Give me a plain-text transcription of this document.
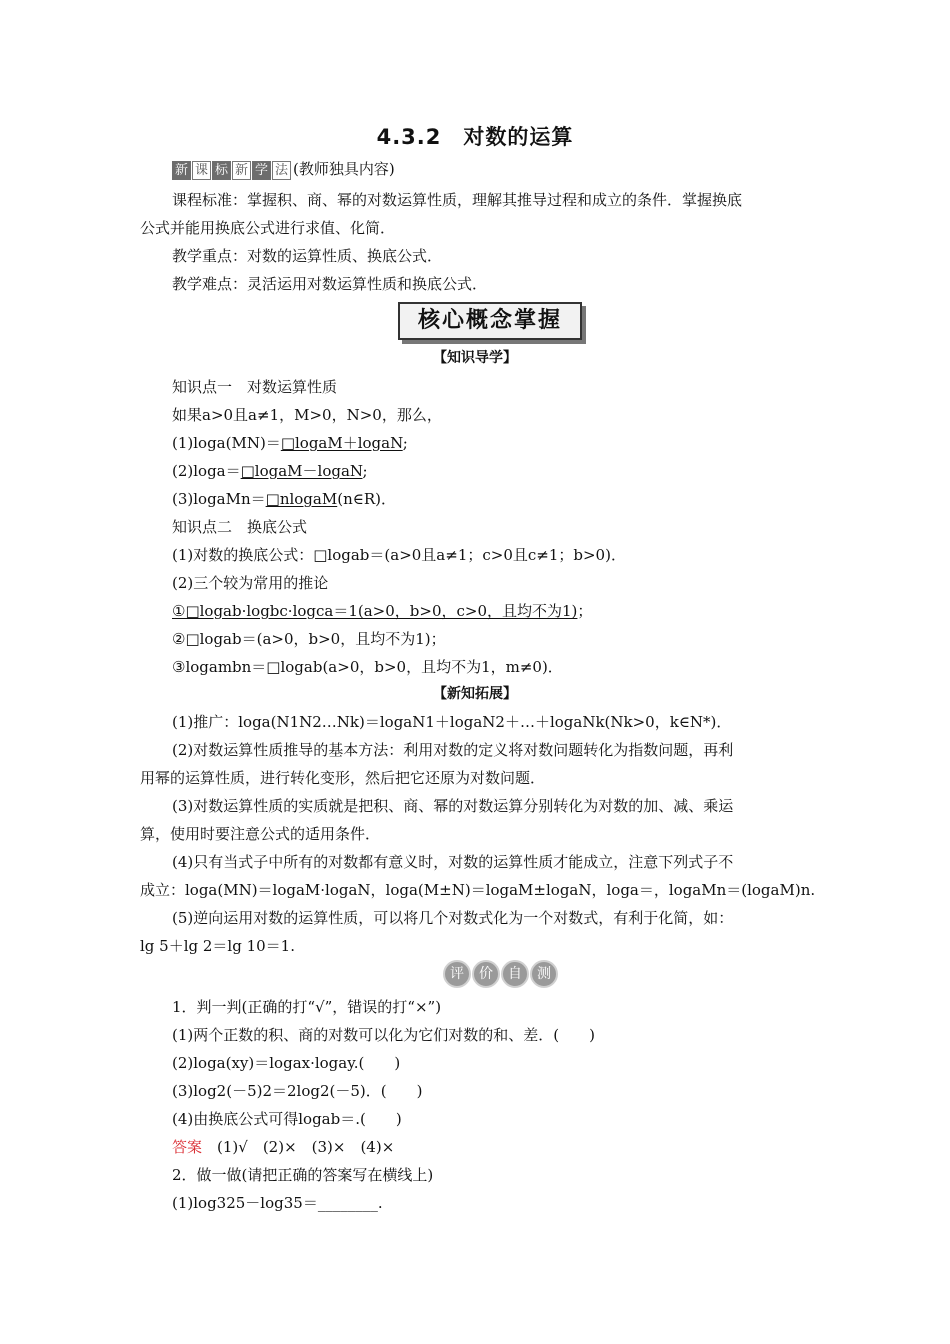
4.3.2　对数的运算
新 课 标 新 学 法 (教师独具内容)
课程标准：掌握积、商、幂的对数运算性质，理解其推导过程和成立的条件．掌握换底
公式并能用换底公式进行求值、化简．
教学重点：对数的运算性质、换底公式．
教学难点：灵活运用对数运算性质和换底公式．
核心概念掌握
【知识导学】
知识点一　对数运算性质
如果a>0且a≠1，M>0，N>0，那么，
(1)loga(MN)＝□logaM＋logaN;
(2)loga＝□logaM－logaN;
(3)logaMn＝□nlogaM(n∈R)．
知识点二　换底公式
(1)对数的换底公式：□logab＝(a>0且a≠1；c>0且c≠1；b>0)．
(2)三个较为常用的推论
①□logab·logbc·logca＝1(a>0，b>0，c>0，且均不为1)；
②□logab＝(a>0，b>0，且均不为1)；
③logambn＝□logab(a>0，b>0，且均不为1，m≠0)．
【新知拓展】
(1)推广：loga(N1N2…Nk)＝logaN1＋logaN2＋…＋logaNk(Nk>0，k∈N*)．
(2)对数运算性质推导的基本方法：利用对数的定义将对数问题转化为指数问题，再利
用幂的运算性质，进行转化变形，然后把它还原为对数问题．
(3)对数运算性质的实质就是把积、商、幂的对数运算分别转化为对数的加、减、乘运
算，使用时要注意公式的适用条件．
(4)只有当式子中所有的对数都有意义时，对数的运算性质才能成立，注意下列式子不
成立：loga(MN)＝logaM·logaN，loga(M±N)＝logaM±logaN，loga＝，logaMn＝(logaM)n.
(5)逆向运用对数的运算性质，可以将几个对数式化为一个对数式，有利于化简，如：
lg 5＋lg 2＝lg 10＝1.
评	价	自	测
1．判一判(正确的打“√”，错误的打“×”)
(1)两个正数的积、商的对数可以化为它们对数的和、差．(　　)
(2)loga(xy)＝logax·logay.(　　)
(3)log2(－5)2＝2log2(－5)．(　　)
(4)由换底公式可得logab＝.(　　)
答案　(1)√　(2)×　(3)×　(4)×
2．做一做(请把正确的答案写在横线上)
(1)log325－log35＝________.
